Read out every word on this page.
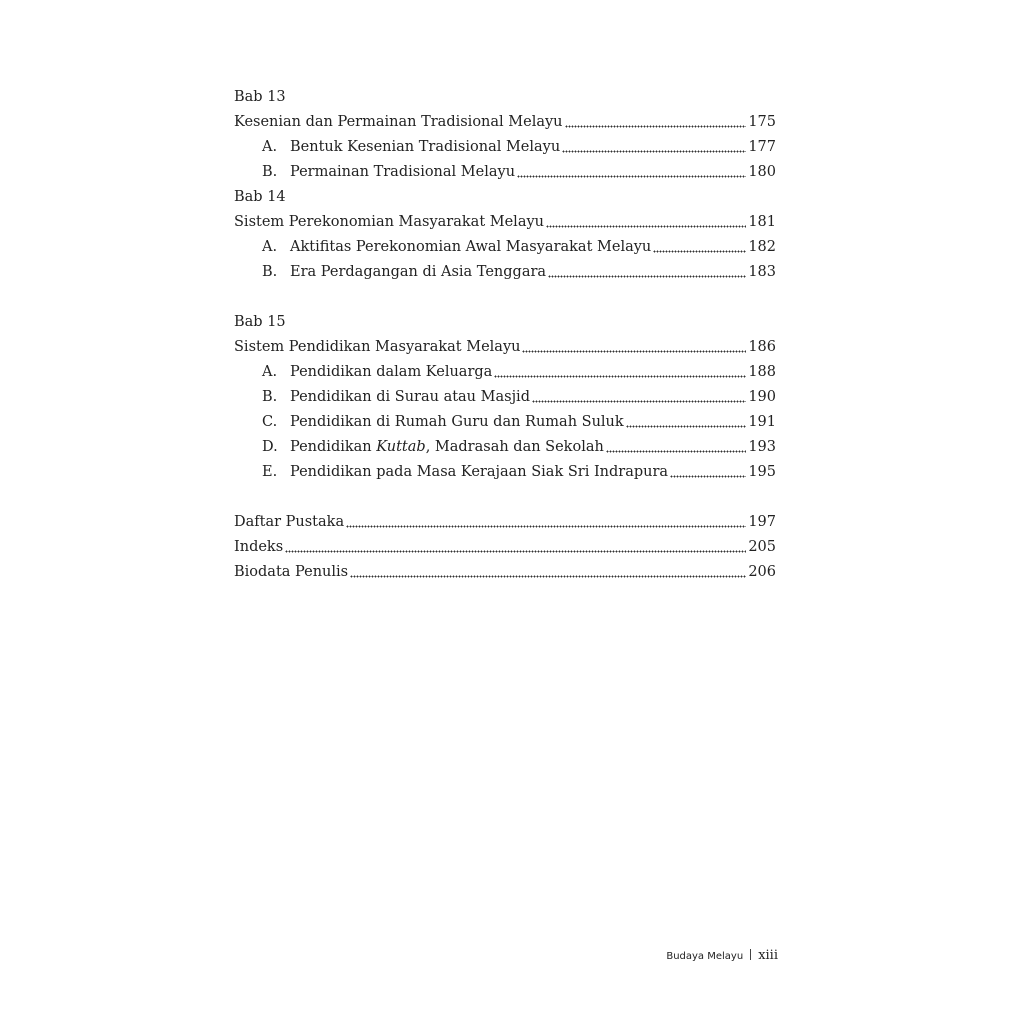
Bab 13
Kesenian dan Permainan Tradisional Melayu	175
A. Bentuk Kesenian Tradisional Melayu	177
B. Permainan Tradisional Melayu	180
Bab 14
Sistem Perekonomian Masyarakat Melayu	181
A. Aktifitas Perekonomian Awal Masyarakat Melayu	182
B. Era Perdagangan di Asia Tenggara	183
Bab 15
Sistem Pendidikan Masyarakat Melayu	186
A. Pendidikan dalam Keluarga	188
B. Pendidikan di Surau atau Masjid	190
C. Pendidikan di Rumah Guru dan Rumah Suluk	191
D. Pendidikan Kuttab, Madrasah dan Sekolah	193
E. Pendidikan pada Masa Kerajaan Siak Sri Indrapura	195
Daftar Pustaka	197
Indeks	205
Biodata Penulis	206
Budaya Melayu xiii
